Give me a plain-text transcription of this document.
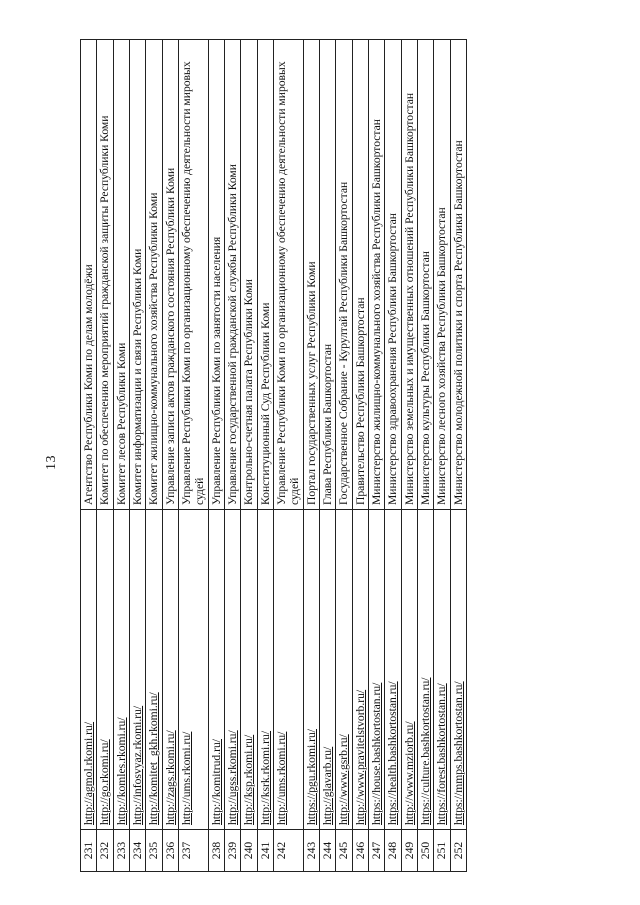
13
231	http://agmol.rkomi.ru/	Агентство Республики Коми по делам молодёжи
232	http://go.rkomi.ru/	Комитет по обеспечению мероприятий гражданской защиты Республики Коми
233	http://komles.rkomi.ru/	Комитет лесов Республики Коми
234	http://infosvyaz.rkomi.ru/	Комитет информатизации и связи Республики Коми
235	http://komitet_gkh.rkomi.ru/	Комитет жилищно-коммунального хозяйства Республики Коми
236	http://zags.rkomi.ru/	Управление записи актов гражданского состояния Республики Коми
237	http://ums.rkomi.ru/	Управление Республики Коми по организационному обеспечению деятельности мировых судей
238	http://komitrud.ru/	Управление Республики Коми по занятости населения
239	http://ugss.rkomi.ru/	Управление государственной гражданской службы Республики Коми
240	http://ksp.rkomi.ru/	Контрольно-счетная палата Республики Коми
241	http://ksrk.rkomi.ru/	Конституционный Суд Республики Коми
242	http://ums.rkomi.ru/	Управление Республики Коми по организационному обеспечению деятельности мировых судей
243	https://pgu.rkomi.ru/	Портал государственных услуг Республики Коми
244	http://glavarb.ru/	Глава Республики Башкортостан
245	http://www.gsrb.ru/	Государственное Собрание - Курултай Республики Башкортостан
246	http://www.pravitelstvorb.ru/	Правительство Республики Башкортостан
247	https://house.bashkortostan.ru/	Министерство жилищно-коммунального хозяйства Республики Башкортостан
248	https://health.bashkortostan.ru/	Министерство здравоохранения Республики Башкортостан
249	http://www.mziorb.ru/	Министерство земельных и имущественных отношений Республики Башкортостан
250	https://culture.bashkortostan.ru/	Министерство культуры Республики Башкортостан
251	https://forest.bashkortostan.ru/	Министерство лесного хозяйства Республики Башкортостан
252	https://mmps.bashkortostan.ru/	Министерство молодежной политики и спорта Республики Башкортостан
